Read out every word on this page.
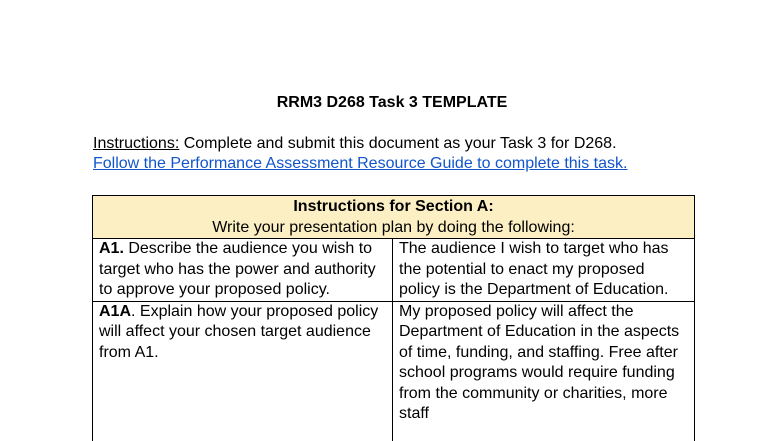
RRM3 D268 Task 3 TEMPLATE
Instructions: Complete and submit this document as your Task 3 for D268.
Follow the Performance Assessment Resource Guide to complete this task.
Instructions for Section A:
Write your presentation plan by doing the following:	

A1. Describe the audience you wish to target who has the power and authority to approve your proposed policy.	The audience I wish to target who has the potential to enact my proposed policy is the Department of Education.
A1A. Explain how your proposed policy will affect your chosen target audience from A1.	My proposed policy will affect the Department of Education in the aspects of time, funding, and staffing. Free after school programs would require funding from the community or charities, more staff
